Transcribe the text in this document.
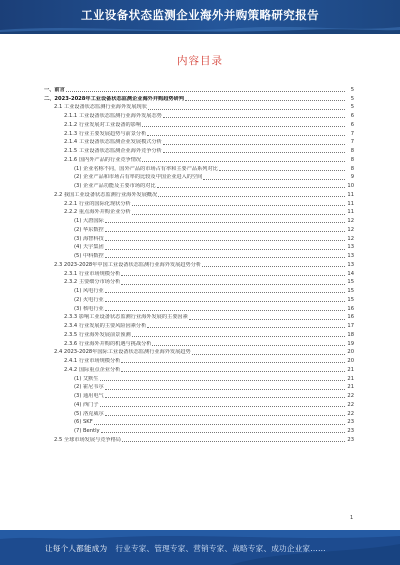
工业设备状态监测企业海外并购策略研究报告
内容目录
一、前言	5
二、2023-2028年工业设备状态监测企业海外并购趋势研判	5
2.1 工业设备状态监测行业海外发展现状	5
2.1.1 工业设备状态监测行业海外发展态势	6
2.1.2 行业发展对工业设备的影响	6
2.1.3 行业主要发展趋势与前景分析	7
2.1.4 工业设备状态监测企业发展模式分析	7
2.1.5 工业设备状态监测企业海外竞争分析	8
2.1.6 国内外产品的行业竞争情况	8
(1) 企业名称不同，国外产品的市场占有率和主要产品系列对比	8
(2) 企业产品和市场占有率的比较及中国企业进入的空间	9
(3) 企业产品功能及主要市场的对比	10
2.2 我国工业设备状态监测行业海外发展概况	11
2.2.1 行业的国际化现状分析	11
2.2.2 重点海外并购企业分析	11
(1) 大唐国际	12
(2) 华东数控	12
(3) 海智科技	12
(4) 天宇集团	13
(5) 中科数控	13
2.3 2023-2028年中国工业设备状态监测行业海外发展趋势分析	13
2.3.1 行业市场规模分析	14
2.3.2 主要细分市场分析	15
(1) 风电行业	15
(2) 火电行业	15
(3) 核电行业	16
2.3.3 影响工业设备状态监测行业海外发展的主要因素	16
2.3.4 行业发展的主要风险因素分析	17
2.3.5 行业海外发展前景预测	18
2.3.6 行业海外并购的机遇与挑战分析	19
2.4 2023-2028年国际工业设备状态监测行业海外发展趋势	20
2.4.1 行业市场规模分析	20
2.4.2 国际重点企业分析	21
(1) 艾默生	21
(2) 霍尼韦尔	21
(3) 通用电气	22
(4) 西门子	22
(5) 洛克威尔	22
(6) SKF	23
(7) Bently	23
2.5 全球市场发展与竞争格局	23
1
让每个人都能成为 行业专家、管理专家、营销专家、战略专家、成功企业家……
